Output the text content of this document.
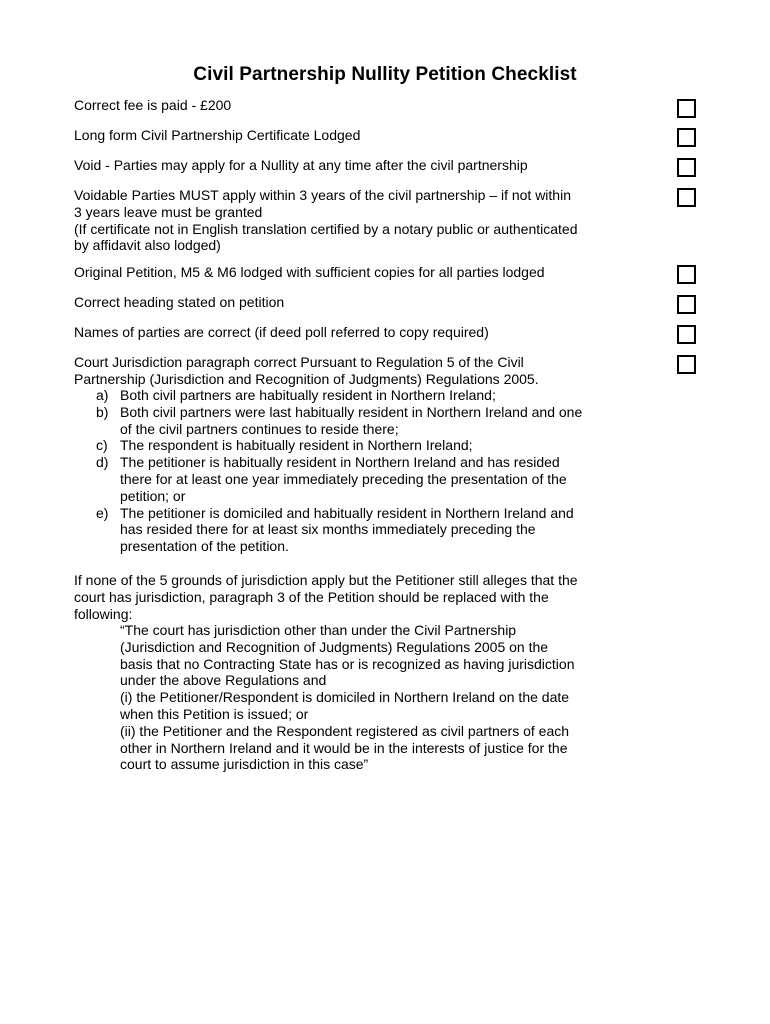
Civil Partnership Nullity Petition Checklist
Correct fee is paid - £200
Long form Civil Partnership Certificate Lodged
Void - Parties may apply for a Nullity at any time after the civil partnership
Voidable Parties MUST apply within 3 years of the civil partnership – if not within
3 years leave must be granted
(If certificate not in English translation certified by a notary public or authenticated
by affidavit also lodged)
Original Petition, M5 & M6 lodged with sufficient copies for all parties lodged
Correct heading stated on petition
Names of parties are correct (if deed poll referred to copy required)
Court Jurisdiction paragraph correct Pursuant to Regulation 5 of the Civil
Partnership (Jurisdiction and Recognition of Judgments) Regulations 2005.
a) Both civil partners are habitually resident in Northern Ireland;
b) Both civil partners were last habitually resident in Northern Ireland and one
of the civil partners continues to reside there;
c) The respondent is habitually resident in Northern Ireland;
d) The petitioner is habitually resident in Northern Ireland and has resided
there for at least one year immediately preceding the presentation of the
petition; or
e) The petitioner is domiciled and habitually resident in Northern Ireland and
has resided there for at least six months immediately preceding the
presentation of the petition.
If none of the 5 grounds of jurisdiction apply but the Petitioner still alleges that the
court has jurisdiction, paragraph 3 of the Petition should be replaced with the
following:
“The court has jurisdiction other than under the Civil Partnership
(Jurisdiction and Recognition of Judgments) Regulations 2005 on the
basis that no Contracting State has or is recognized as having jurisdiction
under the above Regulations and
(i) the Petitioner/Respondent is domiciled in Northern Ireland on the date
when this Petition is issued; or
(ii) the Petitioner and the Respondent registered as civil partners of each
other in Northern Ireland and it would be in the interests of justice for the
court to assume jurisdiction in this case”
